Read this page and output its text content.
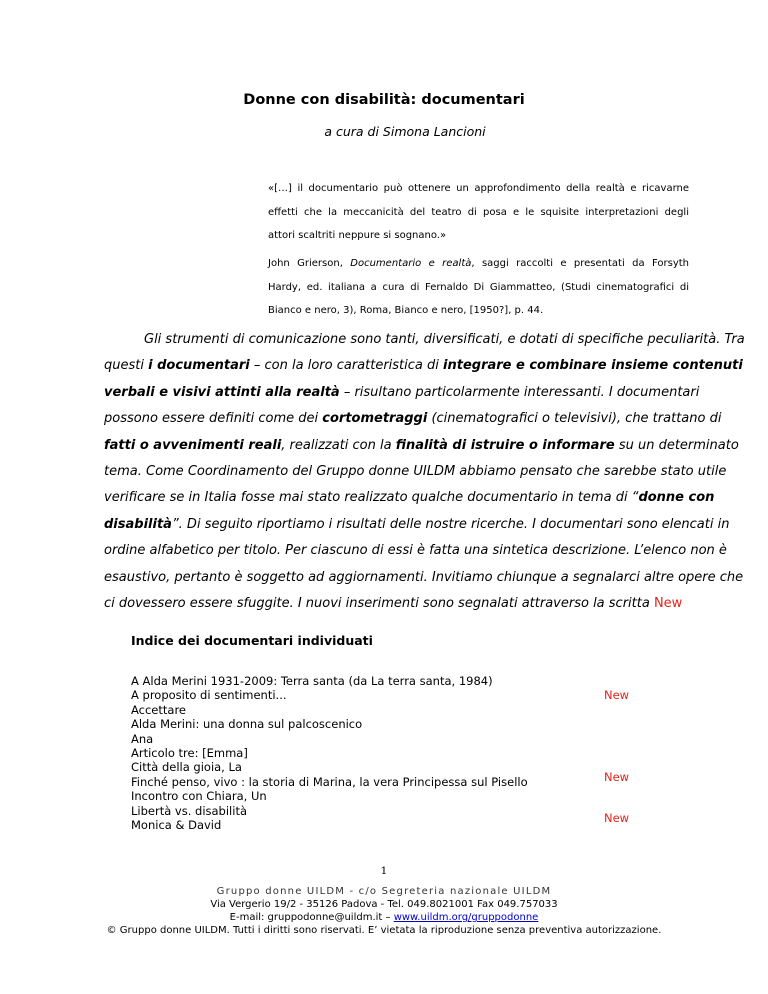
Donne con disabilità: documentari
a cura di Simona Lancioni
«[…] il documentario può ottenere un approfondimento della realtà e ricavarne
effetti che la meccanicità del teatro di posa e le squisite interpretazioni degli
attori scaltriti neppure si sognano.»
John Grierson, Documentario e realtà, saggi raccolti e presentati da Forsyth
Hardy, ed. italiana a cura di Fernaldo Di Giammatteo, (Studi cinematografici di
Bianco e nero, 3), Roma, Bianco e nero, [1950?], p. 44.
Gli strumenti di comunicazione sono tanti, diversificati, e dotati di specifiche peculiarità. Tra
questi i documentari – con la loro caratteristica di integrare e combinare insieme contenuti
verbali e visivi attinti alla realtà – risultano particolarmente interessanti. I documentari
possono essere definiti come dei cortometraggi (cinematografici o televisivi), che trattano di
fatti o avvenimenti reali, realizzati con la finalità di istruire o informare su un determinato
tema. Come Coordinamento del Gruppo donne UILDM abbiamo pensato che sarebbe stato utile
verificare se in Italia fosse mai stato realizzato qualche documentario in tema di “donne con
disabilità”. Di seguito riportiamo i risultati delle nostre ricerche. I documentari sono elencati in
ordine alfabetico per titolo. Per ciascuno di essi è fatta una sintetica descrizione. L’elenco non è
esaustivo, pertanto è soggetto ad aggiornamenti. Invitiamo chiunque a segnalarci altre opere che
ci dovessero essere sfuggite. I nuovi inserimenti sono segnalati attraverso la scritta New
Indice dei documentari individuati
A Alda Merini 1931-2009: Terra santa (da La terra santa, 1984)
A proposito di sentimenti...
Accettare
Alda Merini: una donna sul palcoscenico
Ana
Articolo tre: [Emma]
Città della gioia, La
Finché penso, vivo : la storia di Marina, la vera Principessa sul Pisello
Incontro con Chiara, Un
Libertà vs. disabilità
Monica & David
New
New
New
1
Gruppo donne UILDM - c/o Segreteria nazionale UILDM
Via Vergerio 19/2 - 35126 Padova - Tel. 049.8021001 Fax 049.757033
E-mail: gruppodonne@uildm.it – www.uildm.org/gruppodonne
© Gruppo donne UILDM. Tutti i diritti sono riservati. E’ vietata la riproduzione senza preventiva autorizzazione.
